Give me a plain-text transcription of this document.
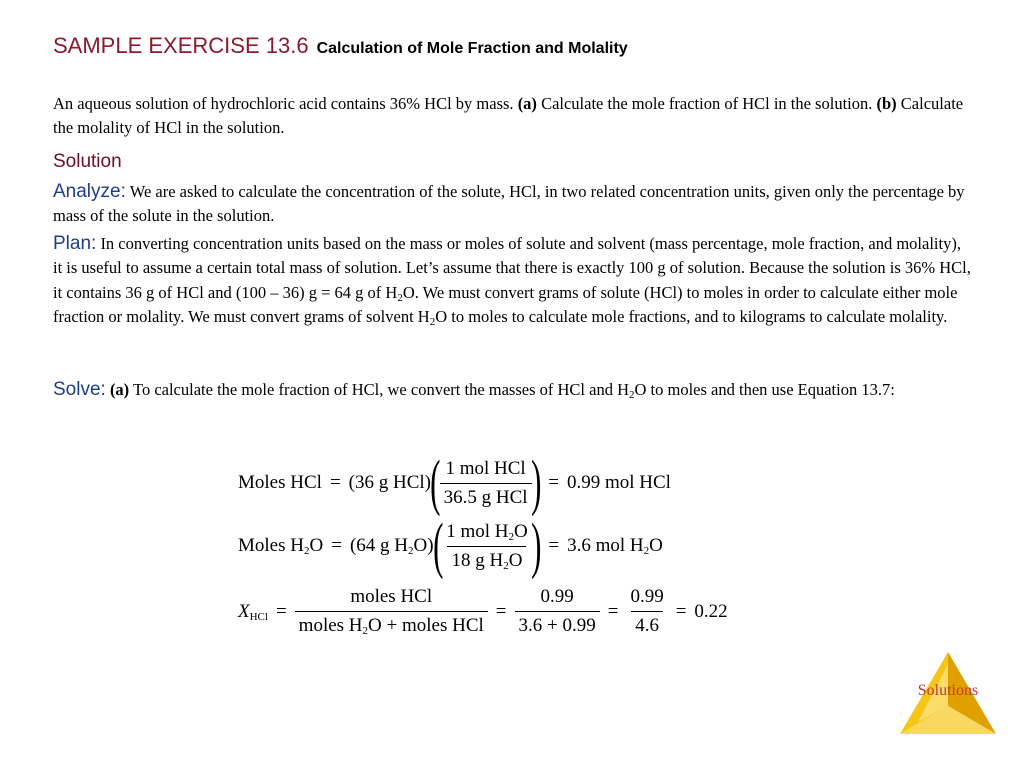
SAMPLE EXERCISE 13.6 Calculation of Mole Fraction and Molality

An aqueous solution of hydrochloric acid contains 36% HCl by mass. (a) Calculate the mole fraction of HCl in the solution. (b) Calculate the molality of HCl in the solution.

Solution

Analyze: We are asked to calculate the concentration of the solute, HCl, in two related concentration units, given only the percentage by mass of the solute in the solution.

Plan: In converting concentration units based on the mass or moles of solute and solvent (mass percentage, mole fraction, and molality), it is useful to assume a certain total mass of solution. Let’s assume that there is exactly 100 g of solution. Because the solution is 36% HCl, it contains 36 g of HCl and (100 – 36) g = 64 g of $H_2O$. We must convert grams of solute (HCl) to moles in order to calculate either mole fraction or molality. We must convert grams of solvent $H_2O$ to moles to calculate mole fractions, and to kilograms to calculate molality.

Solve: (a) To calculate the mole fraction of HCl, we convert the masses of HCl and $H_2O$ to moles and then use Equation 13.7:

Moles HCl = (36 g HCl) ( $\frac{\text{1 mol HCl}}{\text{36.5 g HCl}}$ ) = 0.99 mol HCl
Moles $H_2O = (64$ g $H_2O$) ( $\frac{1 mol H_2O}{18 g H_2O}$ ) = 3.6 mol $H_2O$
$X_{HCl} = \frac{\text{moles HCl}}{moles H_2O + moles HCl} = \frac{0.99}{3.6 + 0.99} = \frac{0.99}{4.6} = 0.22$
Solutions
